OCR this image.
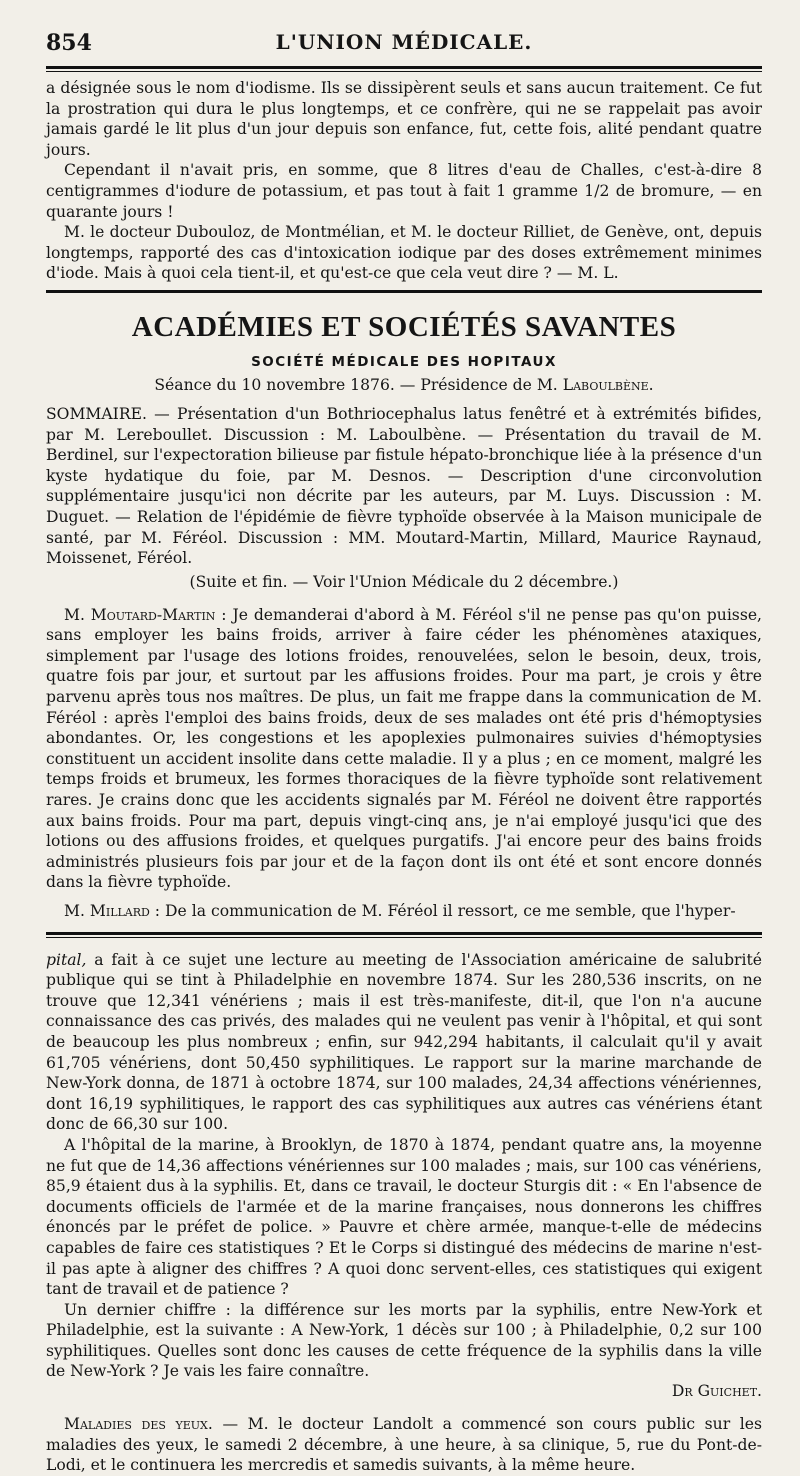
854	L'UNION MÉDICALE.

a désignée sous le nom d'iodisme. Ils se dissipèrent seuls et sans aucun traitement. Ce fut la prostration qui dura le plus longtemps, et ce confrère, qui ne se rappelait pas avoir jamais gardé le lit plus d'un jour depuis son enfance, fut, cette fois, alité pendant quatre jours.

Cependant il n'avait pris, en somme, que 8 litres d'eau de Challes, c'est-à-dire 8 centigrammes d'iodure de potassium, et pas tout à fait 1 gramme 1/2 de bromure, — en quarante jours !

M. le docteur Dubouloz, de Montmélian, et M. le docteur Rilliet, de Genève, ont, depuis longtemps, rapporté des cas d'intoxication iodique par des doses extrêmement minimes d'iode. Mais à quoi cela tient-il, et qu'est-ce que cela veut dire ? — M. L.

ACADÉMIES ET SOCIÉTÉS SAVANTES
SOCIÉTÉ MÉDICALE DES HOPITAUX
Séance du 10 novembre 1876. — Présidence de M. Laboulbène.

SOMMAIRE. — Présentation d'un Bothriocephalus latus fenêtré et à extrémités bifides, par M. Lereboullet. Discussion : M. Laboulbène. — Présentation du travail de M. Berdinel, sur l'expectoration bilieuse par fistule hépato-bronchique liée à la présence d'un kyste hydatique du foie, par M. Desnos. — Description d'une circonvolution supplémentaire jusqu'ici non décrite par les auteurs, par M. Luys. Discussion : M. Duguet. — Relation de l'épidémie de fièvre typhoïde observée à la Maison municipale de santé, par M. Féréol. Discussion : MM. Moutard-Martin, Millard, Maurice Raynaud, Moissenet, Féréol.

(Suite et fin. — Voir l'Union Médicale du 2 décembre.)

M. Moutard-Martin : Je demanderai d'abord à M. Féréol s'il ne pense pas qu'on puisse, sans employer les bains froids, arriver à faire céder les phénomènes ataxiques, simplement par l'usage des lotions froides, renouvelées, selon le besoin, deux, trois, quatre fois par jour, et surtout par les affusions froides. Pour ma part, je crois y être parvenu après tous nos maîtres. De plus, un fait me frappe dans la communication de M. Féréol : après l'emploi des bains froids, deux de ses malades ont été pris d'hémoptysies abondantes. Or, les congestions et les apoplexies pulmonaires suivies d'hémoptysies constituent un accident insolite dans cette maladie. Il y a plus ; en ce moment, malgré les temps froids et brumeux, les formes thoraciques de la fièvre typhoïde sont relativement rares. Je crains donc que les accidents signalés par M. Féréol ne doivent être rapportés aux bains froids. Pour ma part, depuis vingt-cinq ans, je n'ai employé jusqu'ici que des lotions ou des affusions froides, et quelques purgatifs. J'ai encore peur des bains froids administrés plusieurs fois par jour et de la façon dont ils ont été et sont encore donnés dans la fièvre typhoïde.

M. Millard : De la communication de M. Féréol il ressort, ce me semble, que l'hyper-

pital, a fait à ce sujet une lecture au meeting de l'Association américaine de salubrité publique qui se tint à Philadelphie en novembre 1874. Sur les 280,536 inscrits, on ne trouve que 12,341 vénériens ; mais il est très-manifeste, dit-il, que l'on n'a aucune connaissance des cas privés, des malades qui ne veulent pas venir à l'hôpital, et qui sont de beaucoup les plus nombreux ; enfin, sur 942,294 habitants, il calculait qu'il y avait 61,705 vénériens, dont 50,450 syphilitiques. Le rapport sur la marine marchande de New-York donna, de 1871 à octobre 1874, sur 100 malades, 24,34 affections vénériennes, dont 16,19 syphilitiques, le rapport des cas syphilitiques aux autres cas vénériens étant donc de 66,30 sur 100.

A l'hôpital de la marine, à Brooklyn, de 1870 à 1874, pendant quatre ans, la moyenne ne fut que de 14,36 affections vénériennes sur 100 malades ; mais, sur 100 cas vénériens, 85,9 étaient dus à la syphilis. Et, dans ce travail, le docteur Sturgis dit : « En l'absence de documents officiels de l'armée et de la marine françaises, nous donnerons les chiffres énoncés par le préfet de police. » Pauvre et chère armée, manque-t-elle de médecins capables de faire ces statistiques ? Et le Corps si distingué des médecins de marine n'est-il pas apte à aligner des chiffres ? A quoi donc servent-elles, ces statistiques qui exigent tant de travail et de patience ?

Un dernier chiffre : la différence sur les morts par la syphilis, entre New-York et Philadelphie, est la suivante : A New-York, 1 décès sur 100 ; à Philadelphie, 0,2 sur 100 syphilitiques. Quelles sont donc les causes de cette fréquence de la syphilis dans la ville de New-York ? Je vais les faire connaître.

Dr Guichet.

Maladies des yeux. — M. le docteur Landolt a commencé son cours public sur les maladies des yeux, le samedi 2 décembre, à une heure, à sa clinique, 5, rue du Pont-de-Lodi, et le continuera les mercredis et samedis suivants, à la même heure.
